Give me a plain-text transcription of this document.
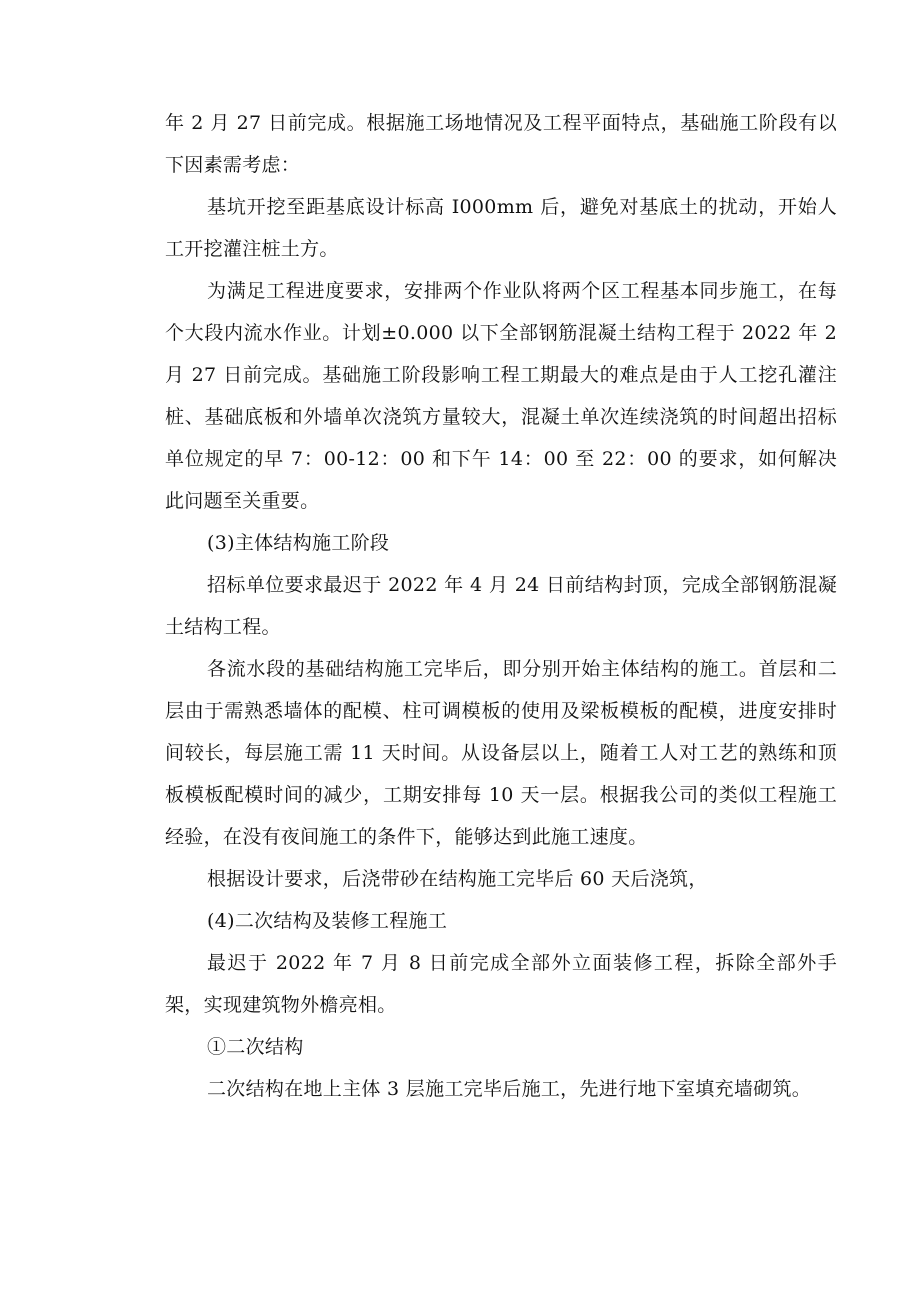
年 2 月 27 日前完成。根据施工场地情况及工程平面特点，基础施工阶段有以下因素需考虑：

基坑开挖至距基底设计标高 I000mm 后，避免对基底土的扰动，开始人工开挖灌注桩土方。

为满足工程进度要求，安排两个作业队将两个区工程基本同步施工，在每个大段内流水作业。计划±0.000 以下全部钢筋混凝土结构工程于 2022 年 2 月 27 日前完成。基础施工阶段影响工程工期最大的难点是由于人工挖孔灌注桩、基础底板和外墙单次浇筑方量较大，混凝土单次连续浇筑的时间超出招标单位规定的早 7：00-12：00 和下午 14：00 至 22：00 的要求，如何解决此问题至关重要。

(3)主体结构施工阶段

招标单位要求最迟于 2022 年 4 月 24 日前结构封顶，完成全部钢筋混凝土结构工程。

各流水段的基础结构施工完毕后，即分别开始主体结构的施工。首层和二层由于需熟悉墙体的配模、柱可调模板的使用及梁板模板的配模，进度安排时间较长，每层施工需 11 天时间。从设备层以上，随着工人对工艺的熟练和顶板模板配模时间的减少，工期安排每 10 天一层。根据我公司的类似工程施工经验，在没有夜间施工的条件下，能够达到此施工速度。

根据设计要求，后浇带砂在结构施工完毕后 60 天后浇筑，

(4)二次结构及装修工程施工

最迟于 2022 年 7 月 8 日前完成全部外立面装修工程，拆除全部外手架，实现建筑物外檐亮相。

①二次结构

二次结构在地上主体 3 层施工完毕后施工，先进行地下室填充墙砌筑。
